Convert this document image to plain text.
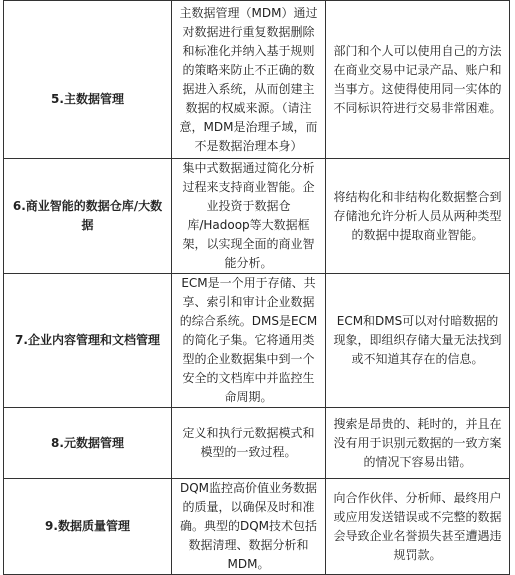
5.主数据管理	主数据管理（MDM）通过对数据进行重复数据删除和标准化并纳入基于规则的策略来防止不正确的数据进入系统，从而创建主数据的权威来源。（请注意，MDM是治理子域，而不是数据治理本身）	部门和个人可以使用自己的方法在商业交易中记录产品、账户和当事方。这使得使用同一实体的不同标识符进行交易非常困难。
6.商业智能的数据仓库/大数据	集中式数据通过简化分析过程来支持商业智能。企业投资于数据仓库/Hadoop等大数据框架，以实现全面的商业智能分析。	将结构化和非结构化数据整合到存储池允许分析人员从两种类型的数据中提取商业智能。
7.企业内容管理和文档管理	ECM是一个用于存储、共享、索引和审计企业数据的综合系统。DMS是ECM的简化子集。它将通用类型的企业数据集中到一个安全的文档库中并监控生命周期。	ECM和DMS可以对付暗数据的现象，即组织存储大量无法找到或不知道其存在的信息。
8.元数据管理	定义和执行元数据模式和模型的一致过程。	搜索是昂贵的、耗时的，并且在没有用于识别元数据的一致方案的情况下容易出错。
9.数据质量管理	DQM监控高价值业务数据的质量，以确保及时和准确。典型的DQM技术包括数据清理、数据分析和MDM。	向合作伙伴、分析师、最终用户或应用发送错误或不完整的数据会导致企业名誉损失甚至遭遇违规罚款。
